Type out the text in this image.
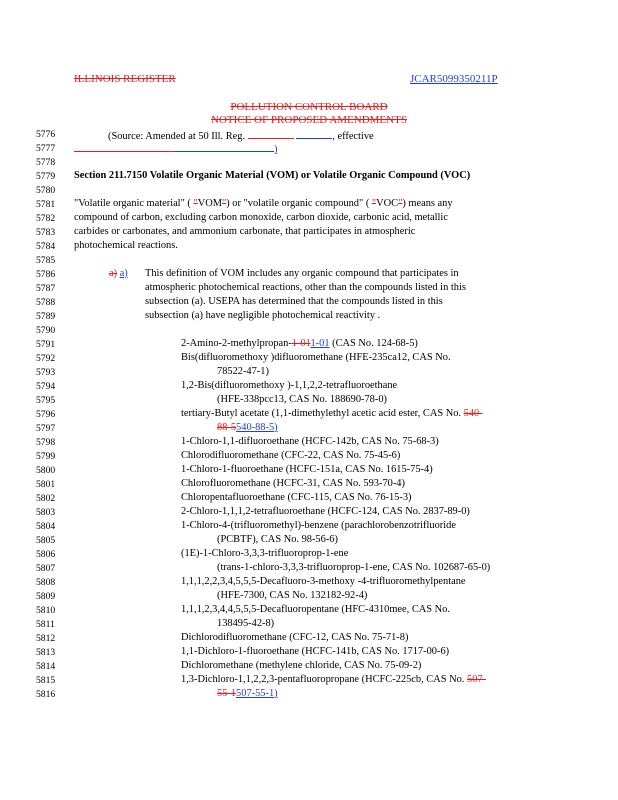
ILLINOIS REGISTER	JCAR5099350211P
POLLUTION CONTROL BOARD
NOTICE OF PROPOSED AMENDMENTS
5776
5777
5778
5779
5780
5781
5782
5783
5784
5785
5786
5787
5788
5789
5790
5791
5792
5793
5794
5795
5796
5797
5798
5799
5800
5801
5802
5803
5804
5805
5806
5807
5808
5809
5810
5811
5812
5813
5814
5815
5816
(Source: Amended at 50 Ill. Reg.	, effective
)
Section 211.7150 Volatile Organic Material (VOM) or Volatile Organic Compound (VOC)
"Volatile organic material" ( "VOM") or "volatile organic compound" ( "VOC") means any
compound of carbon, excluding carbon monoxide, carbon dioxide, carbonic acid, metallic
carbides or carbonates, and ammonium carbonate, that participates in atmospheric
photochemical reactions.
a) a) This definition of VOM includes any organic compound that participates in
atmospheric photochemical reactions, other than the compounds listed in this
subsection (a). USEPA has determined that the compounds listed in this
subsection (a) have negligible photochemical reactivity .
2-Amino-2-methylpropan-1-011-01 (CAS No. 124-68-5)
Bis(difluoromethoxy )difluoromethane (HFE-235ca12, CAS No.
78522-47-1)
1,2-Bis(difluoromethoxy )-1,1,2,2-tetrafluoroethane
(HFE-338pcc13, CAS No. 188690-78-0)
tertiary-Butyl acetate (1,1-dimethylethyl acetic acid ester, CAS No. 540-
88-5540-88-5)
1-Chloro-1,1-difluoroethane (HCFC-142b, CAS No. 75-68-3)
Chlorodifluoromethane (CFC-22, CAS No. 75-45-6)
1-Chloro-1-fluoroethane (HCFC-151a, CAS No. 1615-75-4)
Chlorofluoromethane (HCFC-31, CAS No. 593-70-4)
Chloropentafluoroethane (CFC-115, CAS No. 76-15-3)
2-Chloro-1,1,1,2-tetrafluoroethane (HCFC-124, CAS No. 2837-89-0)
1-Chloro-4-(trifluoromethyl)-benzene (parachlorobenzotrifluoride
(PCBTF), CAS No. 98-56-6)
(1E)-1-Chloro-3,3,3-trifluoroprop-1-ene
(trans-1-chloro-3,3,3-trifluoroprop-1-ene, CAS No. 102687-65-0)
1,1,1,2,2,3,4,5,5,5-Decafluoro-3-methoxy -4-trifluoromethylpentane
(HFE-7300, CAS No. 132182-92-4)
1,1,1,2,3,4,4,5,5,5-Decafluoropentane (HFC-4310mee, CAS No.
138495-42-8)
Dichlorodifluoromethane (CFC-12, CAS No. 75-71-8)
1,1-Dichloro-1-fluoroethane (HCFC-141b, CAS No. 1717-00-6)
Dichloromethane (methylene chloride, CAS No. 75-09-2)
1,3-Dichloro-1,1,2,2,3-pentafluoropropane (HCFC-225cb, CAS No. 507-
55-1507-55-1)
